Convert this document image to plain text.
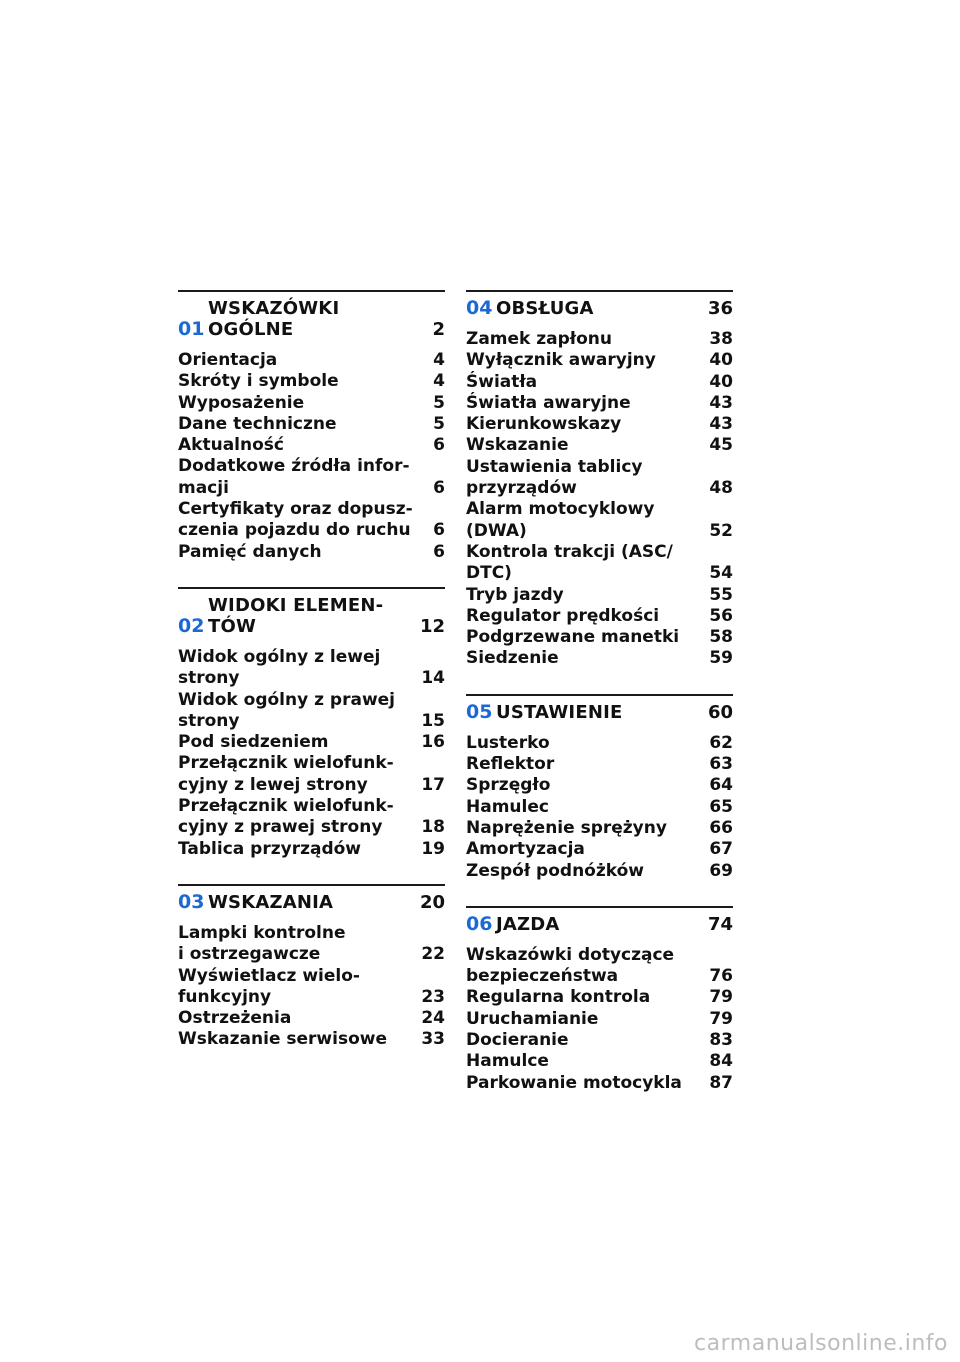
01
WSKAZÓWKI
OGÓLNE	2
Orientacja	4
Skróty i symbole	4
Wyposażenie	5
Dane techniczne	5
Aktualność	6
Dodatkowe źródła infor-
macji	6
Certyfikaty oraz dopusz-
czenia pojazdu do ruchu	6
Pamięć danych	6
02
WIDOKI ELEMEN-
TÓW	12
Widok ogólny z lewej
strony	14
Widok ogólny z prawej
strony	15
Pod siedzeniem	16
Przełącznik wielofunk-
cyjny z lewej strony	17
Przełącznik wielofunk-
cyjny z prawej strony	18
Tablica przyrządów	19
03 WSKAZANIA	20
Lampki kontrolne
i ostrzegawcze	22
Wyświetlacz wielo-
funkcyjny	23
Ostrzeżenia	24
Wskazanie serwisowe	33
04 OBSŁUGA	36
Zamek zapłonu	38
Wyłącznik awaryjny	40
Światła	40
Światła awaryjne	43
Kierunkowskazy	43
Wskazanie	45
Ustawienia tablicy
przyrządów	48
Alarm motocyklowy
(DWA)	52
Kontrola trakcji (ASC/
DTC)	54
Tryb jazdy	55
Regulator prędkości	56
Podgrzewane manetki	58
Siedzenie	59
05 USTAWIENIE	60
Lusterko	62
Reflektor	63
Sprzęgło	64
Hamulec	65
Naprężenie sprężyny	66
Amortyzacja	67
Zespół podnóżków	69
06 JAZDA	74
Wskazówki dotyczące
bezpieczeństwa	76
Regularna kontrola	79
Uruchamianie	79
Docieranie	83
Hamulce	84
Parkowanie motocykla	87
carmanualsonline.info
